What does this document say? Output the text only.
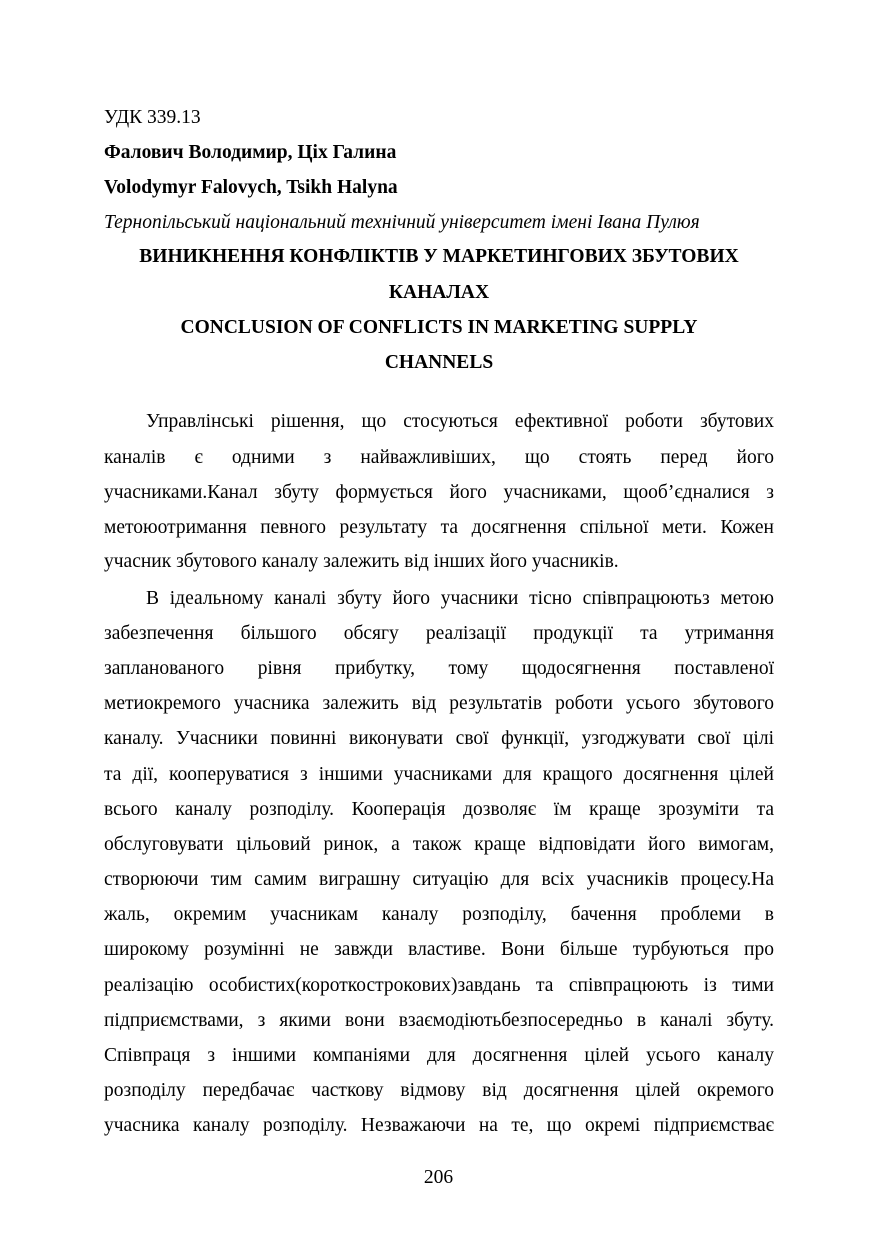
УДК 339.13
Фалович Володимир, Ціх Галина
Volodymyr Falovych, Tsikh Halyna
Тернопільський національний технічний університет імені Івана Пулюя
ВИНИКНЕННЯ КОНФЛІКТІВ У МАРКЕТИНГОВИХ ЗБУТОВИХ
КАНАЛАХ
CONCLUSION OF CONFLICTS IN MARKETING SUPPLY
CHANNELS
Управлінські рішення, що стосуються ефективної роботи збутових
каналів є одними з найважливіших, що стоять перед його
учасниками.Канал збуту формується його учасниками, щооб’єдналися з
метоюотримання певного результату та досягнення спільної мети. Кожен
учасник збутового каналу залежить від інших його учасників.
В ідеальному каналі збуту його учасники тісно співпрацюютьз метою
забезпечення більшого обсягу реалізації продукції та утримання
запланованого рівня прибутку, тому щодосягнення поставленої
метиокремого учасника залежить від результатів роботи усього збутового
каналу. Учасники повинні виконувати свої функції, узгоджувати свої цілі
та дії, кооперуватися з іншими учасниками для кращого досягнення цілей
всього каналу розподілу. Кооперація дозволяє їм краще зрозуміти та
обслуговувати цільовий ринок, а також краще відповідати його вимогам,
створюючи тим самим виграшну ситуацію для всіх учасників процесу.На
жаль, окремим учасникам каналу розподілу, бачення проблеми в
широкому розумінні не завжди властиве. Вони більше турбуються про
реалізацію особистих(короткострокових)завдань та співпрацюють із тими
підприємствами, з якими вони взаємодіютьбезпосередньо в каналі збуту.
Співпраця з іншими компаніями для досягнення цілей усього каналу
розподілу передбачає часткову відмову від досягнення цілей окремого
учасника каналу розподілу. Незважаючи на те, що окремі підприємстває
206
